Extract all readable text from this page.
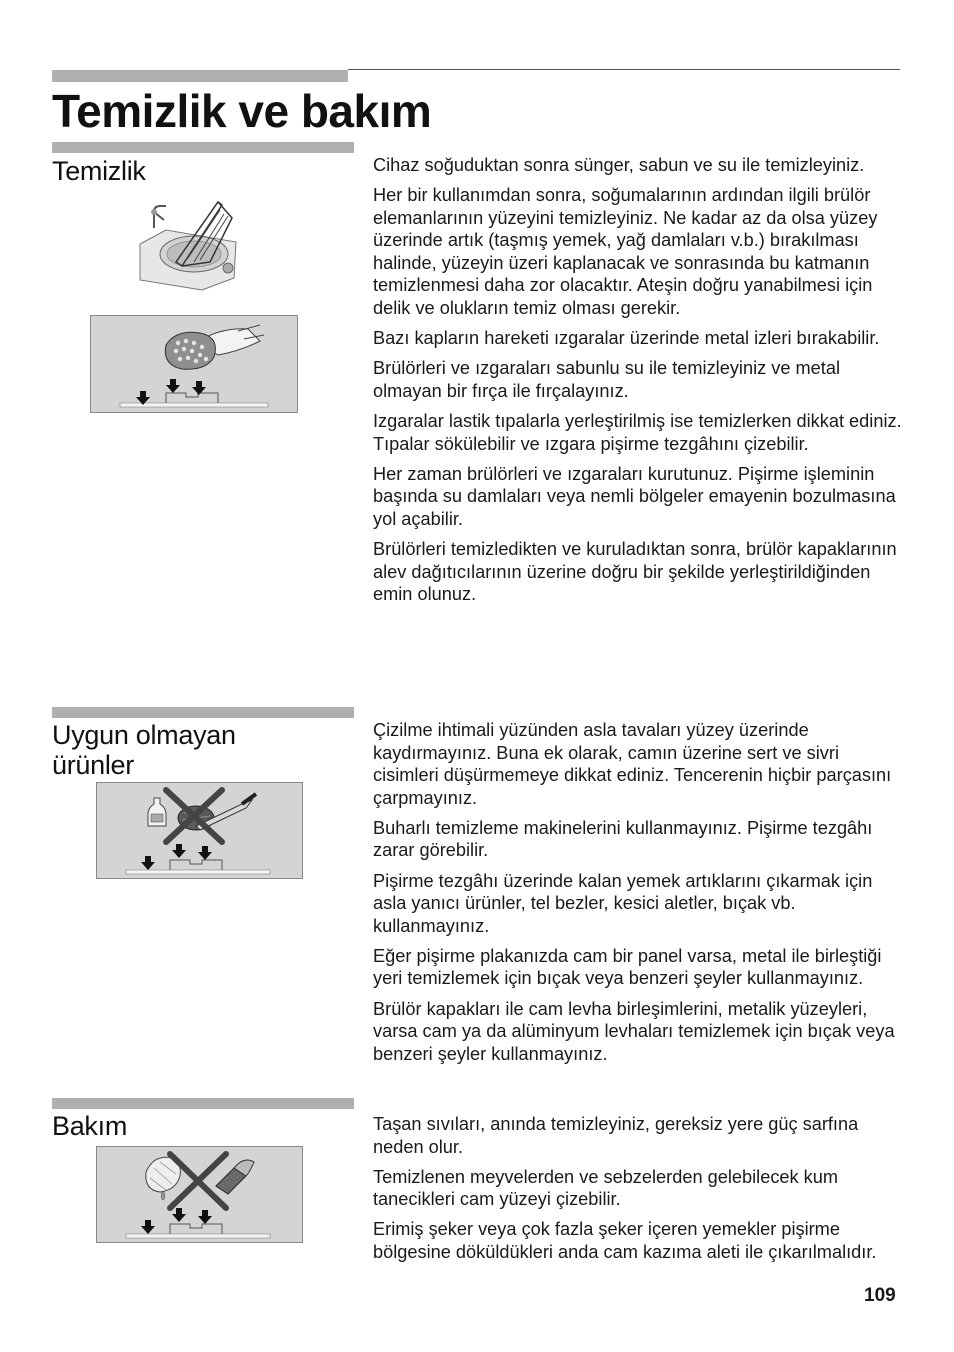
Temizlik ve bakım
Temizlik	Cihaz soğuduktan sonra sünger, sabun ve su ile temizleyiniz.

Her bir kullanımdan sonra, soğumalarının ardından ilgili brülör elemanlarının yüzeyini temizleyiniz. Ne kadar az da olsa yüzey üzerinde artık (taşmış yemek, yağ damlaları v.b.) bırakılması halinde, yüzeyin üzeri kaplanacak ve sonrasında bu katmanın temizlenmesi daha zor olacaktır. Ateşin doğru yanabilmesi için delik ve olukların temiz olması gerekir.

Bazı kapların hareketi ızgaralar üzerinde metal izleri bırakabilir.

Brülörleri ve ızgaraları sabunlu su ile temizleyiniz ve metal olmayan bir fırça ile fırçalayınız.

Izgaralar lastik tıpalarla yerleştirilmiş ise temizlerken dikkat ediniz. Tıpalar sökülebilir ve ızgara pişirme tezgâhını çizebilir.

Her zaman brülörleri ve ızgaraları kurutunuz. Pişirme işleminin başında su damlaları veya nemli bölgeler emayenin bozulmasına yol açabilir.

Brülörleri temizledikten ve kuruladıktan sonra, brülör kapaklarının alev dağıtıcılarının üzerine doğru bir şekilde yerleştirildiğinden emin olunuz.

Uygun olmayan ürünler

Çizilme ihtimali yüzünden asla tavaları yüzey üzerinde kaydırmayınız. Buna ek olarak, camın üzerine sert ve sivri cisimleri düşürmemeye dikkat ediniz. Tencerenin hiçbir parçasını çarpmayınız.

Buharlı temizleme makinelerini kullanmayınız. Pişirme tezgâhı zarar görebilir.

Pişirme tezgâhı üzerinde kalan yemek artıklarını çıkarmak için asla yanıcı ürünler, tel bezler, kesici aletler, bıçak vb. kullanmayınız.

Eğer pişirme plakanızda cam bir panel varsa, metal ile birleştiği yeri temizlemek için bıçak veya benzeri şeyler kullanmayınız.

Brülör kapakları ile cam levha birleşimlerini, metalik yüzeyleri, varsa cam ya da alüminyum levhaları temizlemek için bıçak veya benzeri şeyler kullanmayınız.

Bakım	Taşan sıvıları, anında temizleyiniz, gereksiz yere güç sarfına neden olur.

Temizlenen meyvelerden ve sebzelerden gelebilecek kum tanecikleri cam yüzeyi çizebilir.

Erimiş şeker veya çok fazla şeker içeren yemekler pişirme bölgesine döküldükleri anda cam kazıma aleti ile çıkarılmalıdır.

109
